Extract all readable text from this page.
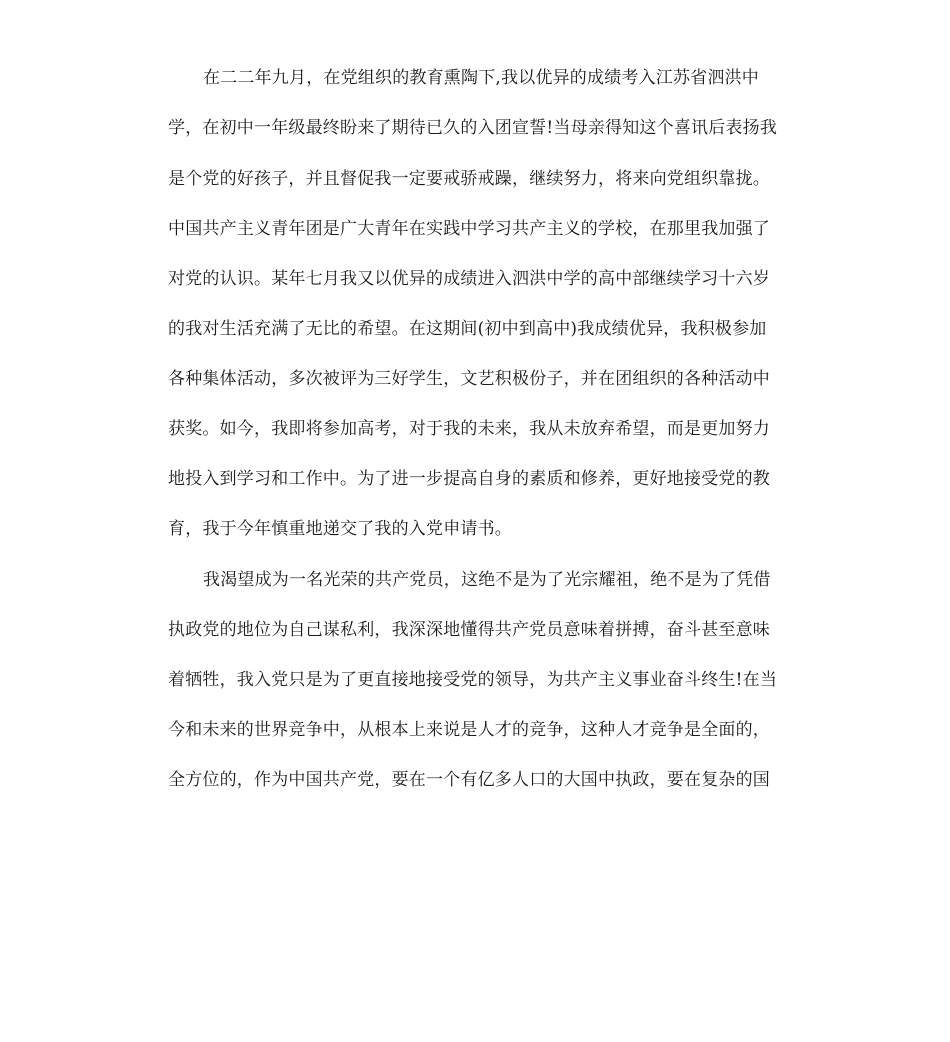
在二二年九月，在党组织的教育熏陶下,我以优异的成绩考入江苏省泗洪中
学，在初中一年级最终盼来了期待已久的入团宣誓!当母亲得知这个喜讯后表扬我
是个党的好孩子，并且督促我一定要戒骄戒躁，继续努力，将来向党组织靠拢。
中国共产主义青年团是广大青年在实践中学习共产主义的学校，在那里我加强了
对党的认识。某年七月我又以优异的成绩进入泗洪中学的高中部继续学习十六岁
的我对生活充满了无比的希望。在这期间(初中到高中)我成绩优异，我积极参加
各种集体活动，多次被评为三好学生，文艺积极份子，并在团组织的各种活动中
获奖。如今，我即将参加高考，对于我的未来，我从未放弃希望，而是更加努力
地投入到学习和工作中。为了进一步提高自身的素质和修养，更好地接受党的教
育，我于今年慎重地递交了我的入党申请书。
我渴望成为一名光荣的共产党员，这绝不是为了光宗耀祖，绝不是为了凭借
执政党的地位为自己谋私利，我深深地懂得共产党员意味着拼搏，奋斗甚至意味
着牺牲，我入党只是为了更直接地接受党的领导，为共产主义事业奋斗终生!在当
今和未来的世界竞争中，从根本上来说是人才的竞争，这种人才竞争是全面的，
全方位的，作为中国共产党，要在一个有亿多人口的大国中执政，要在复杂的国
